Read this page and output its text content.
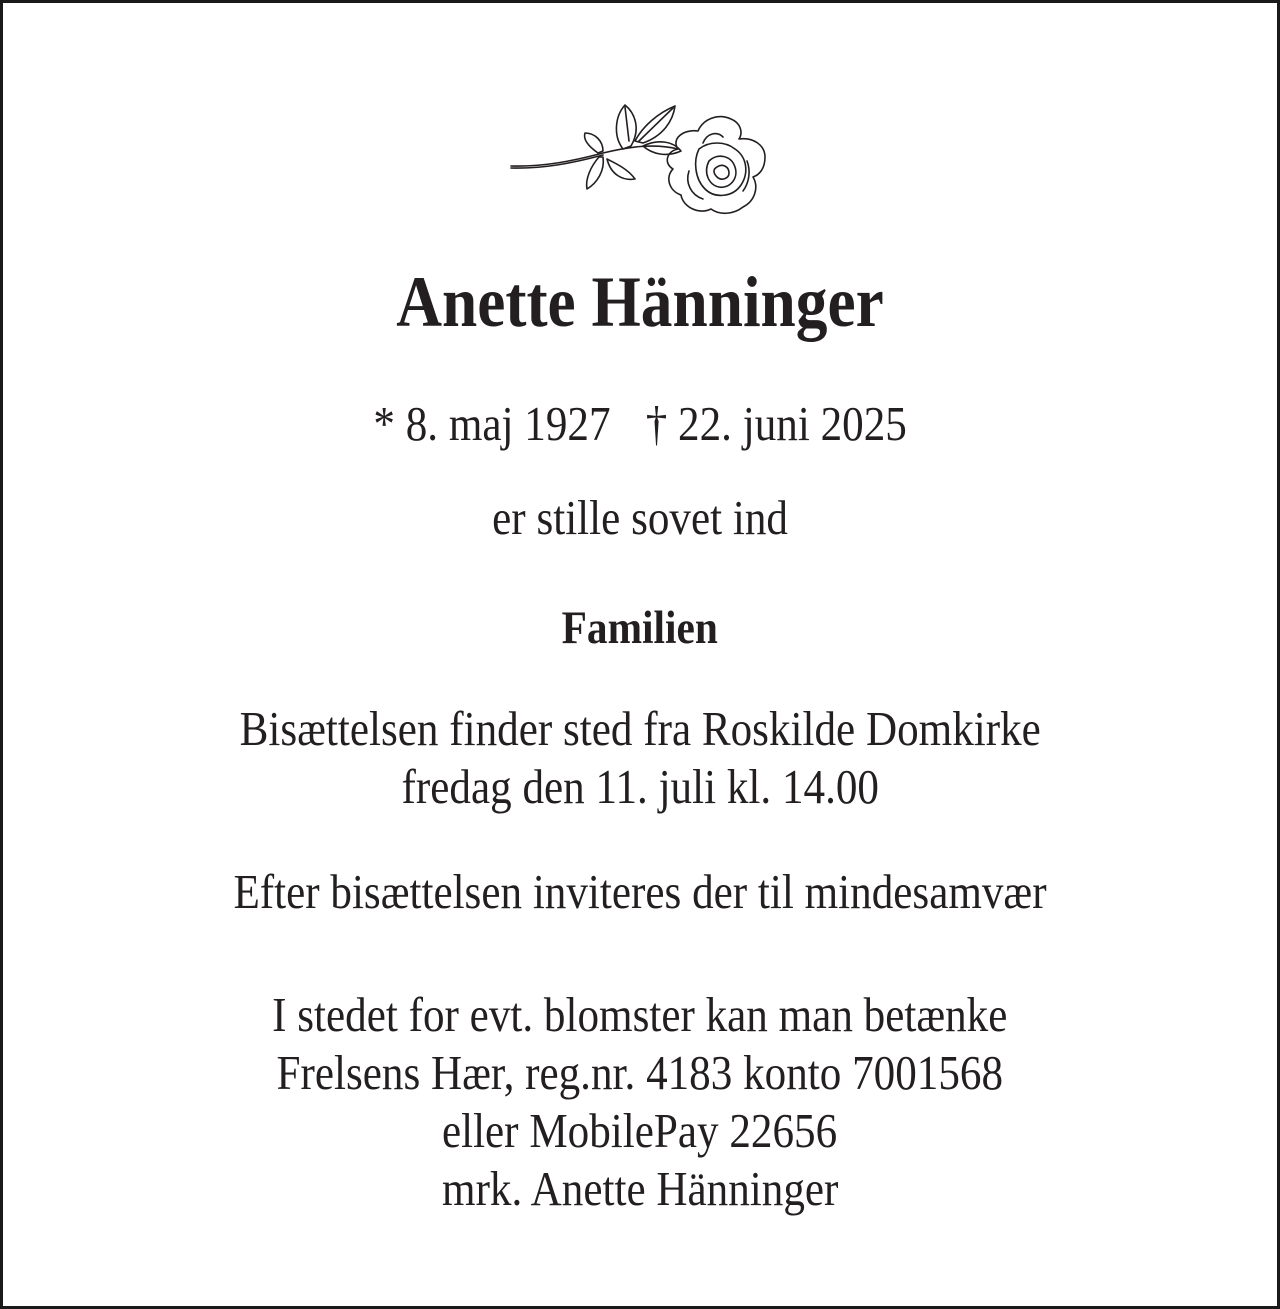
Anette Hänninger
* 8. maj 1927 † 22. juni 2025
er stille sovet ind
Familien
Bisættelsen finder sted fra Roskilde Domkirke
fredag den 11. juli kl. 14.00
Efter bisættelsen inviteres der til mindesamvær
I stedet for evt. blomster kan man betænke
Frelsens Hær, reg.nr. 4183 konto 7001568
eller MobilePay 22656
mrk. Anette Hänninger
